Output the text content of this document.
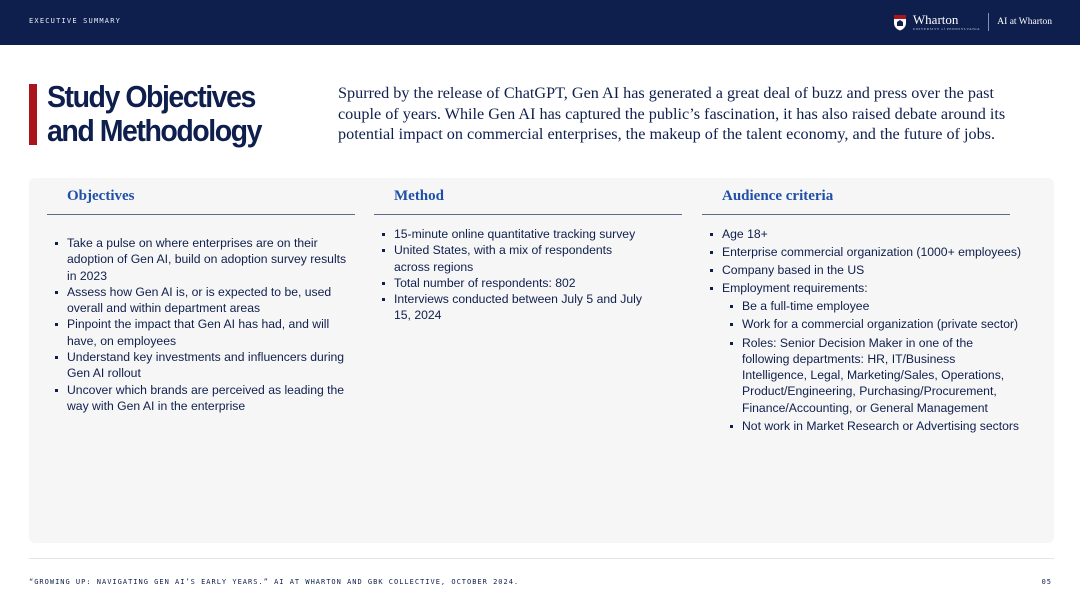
EXECUTIVE SUMMARY	Wharton
UNIVERSITY of PENNSYLVANIA
AI at Wharton
Study Objectives and Methodology

Spurred by the release of ChatGPT, Gen AI has generated a great deal of buzz and press over the past couple of years. While Gen AI has captured the public’s fascination, it has also raised debate around its potential impact on commercial enterprises, the makeup of the talent economy, and the future of jobs.

Objectives
Take a pulse on where enterprises are on their adoption of Gen AI, build on adoption survey results in 2023
Assess how Gen AI is, or is expected to be, used overall and within department areas
Pinpoint the impact that Gen AI has had, and will have, on employees
Understand key investments and influencers during Gen AI rollout
Uncover which brands are perceived as leading the way with Gen AI in the enterprise
Method
15-minute online quantitative tracking survey
United States, with a mix of respondents across regions
Total number of respondents: 802
Interviews conducted between July 5 and July 15, 2024
Audience criteria
Age 18+
Enterprise commercial organization (1000+ employees)
Company based in the US
Employment requirements:
Be a full-time employee
Work for a commercial organization (private sector)
Roles: Senior Decision Maker in one of the following departments: HR, IT/Business Intelligence, Legal, Marketing/Sales, Operations, Product/Engineering, Purchasing/Procurement, Finance/Accounting, or General Management
Not work in Market Research or Advertising sectors
“GROWING UP: NAVIGATING GEN AI’S EARLY YEARS.” AI AT WHARTON AND GBK COLLECTIVE, OCTOBER 2024.	05
